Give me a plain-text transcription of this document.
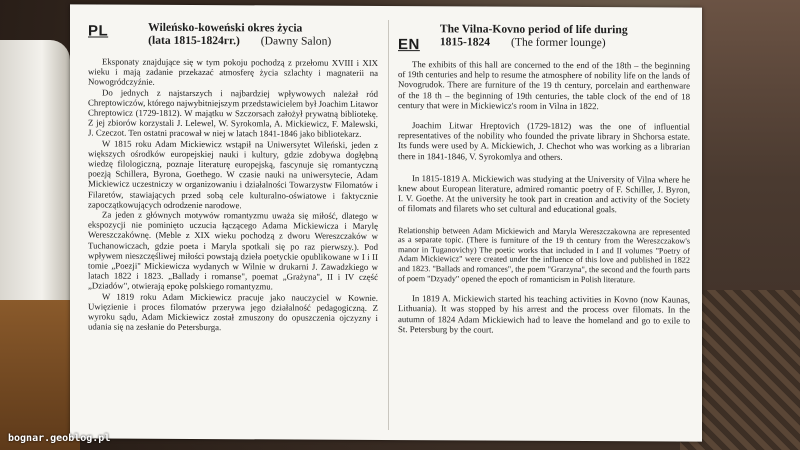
PL	Wileńsko-koweński okres życia
(lata 1815-1824гг.) (Dawny Salon)

Eksponaty znajdujące się w tym pokoju pochodzą z przełomu XVIII i XIX wieku i mają zadanie przekazać atmosferę życia szlachty i magnaterii na Nowogródczyźnie.

Do jednych z najstarszych i najbardziej wpływowych należał ród Chreptowiczów, którego najwybitniejszym przedstawicielem był Joachim Litawor Chreptowicz (1729-1812). W majątku w Szczorsach założył prywatną bibliotekę. Z jej zbiorów korzystali J. Lelewel, W. Syrokomla, A. Mickiewicz, F. Malewski, J. Czeczot. Ten ostatni pracował w niej w latach 1841-1846 jako bibliotekarz.

W 1815 roku Adam Mickiewicz wstąpił na Uniwersytet Wileński, jeden z większych ośrodków europejskiej nauki i kultury, gdzie zdobywa dogłębną wiedzę filologiczną, poznaje literaturę europejską, fascynuje się romantyczną poezją Schillera, Byrona, Goethego. W czasie nauki na uniwersytecie, Adam Mickiewicz uczestniczy w organizowaniu i działalności Towarzystw Filomatów i Filaretów, stawiających przed sobą cele kulturalno-oświatowe i faktycznie zapoczątkowujących odrodzenie narodowe.

Za jeden z głównych motywów romantyzmu uważa się miłość, dlatego w ekspozycji nie pominięto uczucia łączącego Adama Mickiewicza i Marylę Wereszczakównę. (Meble z XIX wieku pochodzą z dworu Wereszczaków w Tuchanowiczach, gdzie poeta i Maryla spotkali się po raz pierwszy.). Pod wpływem nieszczęśliwej miłości powstają dzieła poetyckie opublikowane w I i II tomie „Poezji" Mickiewicza wydanych w Wilnie w drukarni J. Zawadzkiego w latach 1822 i 1823. „Ballady i romanse", poemat „Grażyna", II i IV część „Dziadów", otwierają epokę polskiego romantyzmu.

W 1819 roku Adam Mickiewicz pracuje jako nauczyciel w Kownie. Uwięzienie i proces filomatów przerywa jego działalność pedagogiczną. Z wyroku sądu, Adam Mickiewicz został zmuszony do opuszczenia ojczyzny i udania się na zesłanie do Petersburga.

EN
The Vilna-Kovno period of life during
1815-1824 (The former lounge)

The exhibits of this hall are concerned to the end of the 18th – the beginning of 19th centuries and help to resume the atmosphere of nobility life on the lands of Novogrudok. There are furniture of the 19 th century, porcelain and earthenware of the 18 th – the beginning of 19th centuries, the table clock of the end of 18 century that were in Mickiewicz's room in Vilna in 1822.

Joachim Litwar Hreptovich (1729-1812) was the one of influential representatives of the nobility who founded the private library in Shchorsa estate. Its funds were used by A. Mickiewich, J. Chechot who was working as a librarian there in 1841-1846, V. Syrokomlya and others.

In 1815-1819 A. Mickiewich was studying at the University of Vilna where he knew about European literature, admired romantic poetry of F. Schiller, J. Byron, I. V. Goethe. At the university he took part in creation and activity of the Society of filomats and filarets who set cultural and educational goals.

Relationship between Adam Mickiewich and Maryla Wereszczakowna are represented as a separate topic. (There is furniture of the 19 th century from the Wereszczakow's manor in Tuganovichy) The poetic works that included in I and II volumes "Poetry of Adam Mickiewicz" were created under the influence of this love and published in 1822 and 1823. "Ballads and romances", the poem "Grarzyna", the second and the fourth parts of poem "Dzyady" opened the epoch of romanticism in Polish literature.

In 1819 A. Mickiewich started his teaching activities in Kovno (now Kaunas, Lithuania). It was stopped by his arrest and the process over filomats. In the autumn of 1824 Adam Mickiewich had to leave the homeland and go to exile to St. Petersburg by the court.

bognar.geoblog.pl
